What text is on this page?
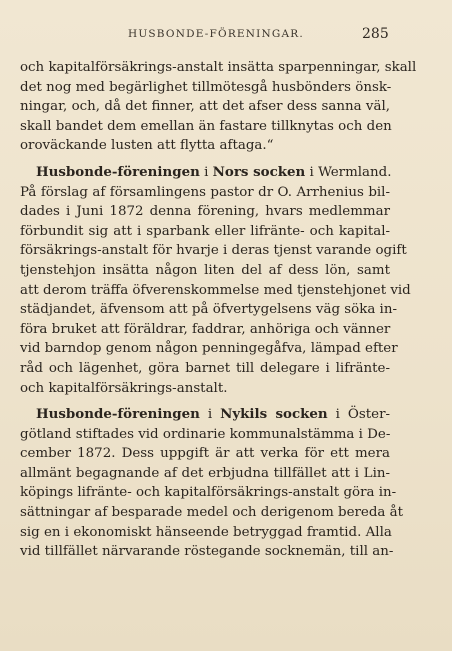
HUSBONDE-FÖRENINGAR.	285
och kapitalförsäkrings-anstalt insätta sparpenningar, skall
det nog med begärlighet tillmötesgå husbönders önsk-
ningar, och, då det finner, att det afser dess sanna väl,
skall bandet dem emellan än fastare tillknytas och den
oroväckande lusten att flytta aftaga.“
Husbonde-föreningen i Nors socken i Wermland.
På förslag af församlingens pastor dr O. Arrhenius bil-
dades i Juni 1872 denna förening, hvars medlemmar
förbundit sig att i sparbank eller lifränte- och kapital-
försäkrings-anstalt för hvarje i deras tjenst varande ogift
tjenstehjon insätta någon liten del af dess lön, samt
att derom träffa öfverenskommelse med tjenstehjonet vid
städjandet, äfvensom att på öfvertygelsens väg söka in-
föra bruket att föräldrar, faddrar, anhöriga och vänner
vid barndop genom någon penningegåfva, lämpad efter
råd och lägenhet, göra barnet till delegare i lifränte-
och kapitalförsäkrings-anstalt.
Husbonde-föreningen i Nykils socken i Öster-
götland stiftades vid ordinarie kommunalstämma i De-
cember 1872. Dess uppgift är att verka för ett mera
allmänt begagnande af det erbjudna tillfället att i Lin-
köpings lifränte- och kapitalförsäkrings-anstalt göra in-
sättningar af besparade medel och derigenom bereda åt
sig en i ekonomiskt hänseende betryggad framtid. Alla
vid tillfället närvarande röstegande socknemän, till an-
